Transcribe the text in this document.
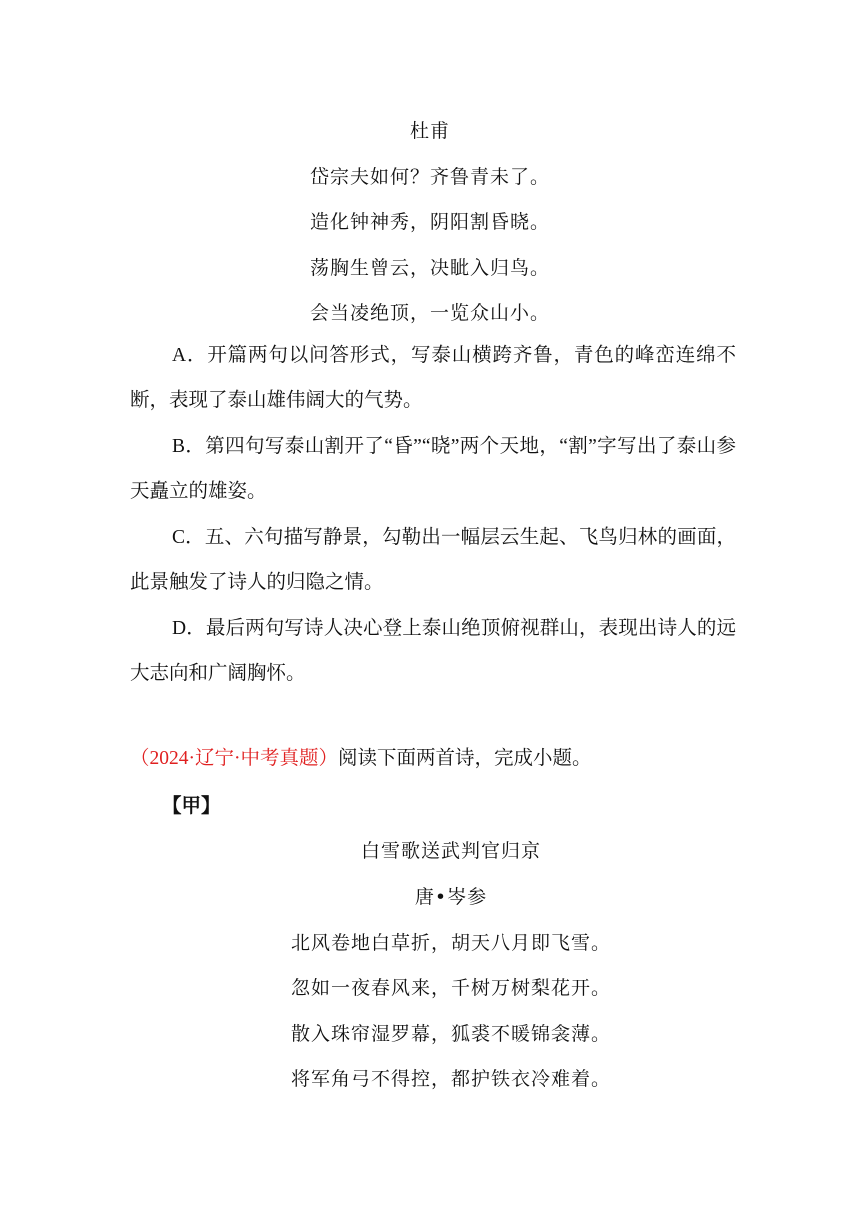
杜甫
岱宗夫如何？齐鲁青未了。
造化钟神秀，阴阳割昏晓。
荡胸生曾云，决眦入归鸟。
会当凌绝顶，一览众山小。
A．开篇两句以问答形式，写泰山横跨齐鲁，青色的峰峦连绵不断，表现了泰山雄伟阔大的气势。
B．第四句写泰山割开了“昏”“晓”两个天地，“割”字写出了泰山参天矗立的雄姿。
C．五、六句描写静景，勾勒出一幅层云生起、飞鸟归林的画面，此景触发了诗人的归隐之情。
D．最后两句写诗人决心登上泰山绝顶俯视群山，表现出诗人的远大志向和广阔胸怀。
（2024·辽宁·中考真题）阅读下面两首诗，完成小题。
【甲】
白雪歌送武判官归京
唐•岑参
北风卷地白草折，胡天八月即飞雪。
忽如一夜春风来，千树万树梨花开。
散入珠帘湿罗幕，狐裘不暖锦衾薄。
将军角弓不得控，都护铁衣冷难着。
